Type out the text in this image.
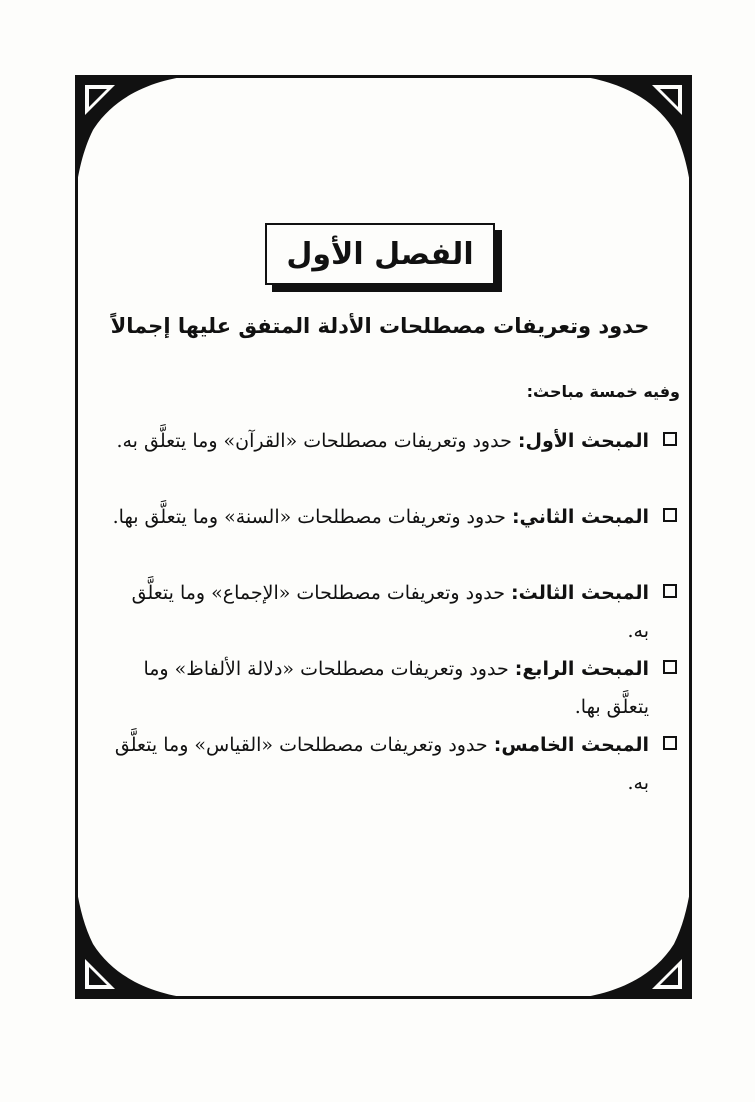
الفصل الأول
حدود وتعريفات مصطلحات الأدلة المتفق عليها إجمالاً
وفيه خمسة مباحث:
المبحث الأول: حدود وتعريفات مصطلحات «القرآن» وما يتعلَّق به.
المبحث الثاني: حدود وتعريفات مصطلحات «السنة» وما يتعلَّق بها.
المبحث الثالث: حدود وتعريفات مصطلحات «الإجماع» وما يتعلَّق به.
المبحث الرابع: حدود وتعريفات مصطلحات «دلالة الألفاظ» وما يتعلَّق بها.
المبحث الخامس: حدود وتعريفات مصطلحات «القياس» وما يتعلَّق به.
